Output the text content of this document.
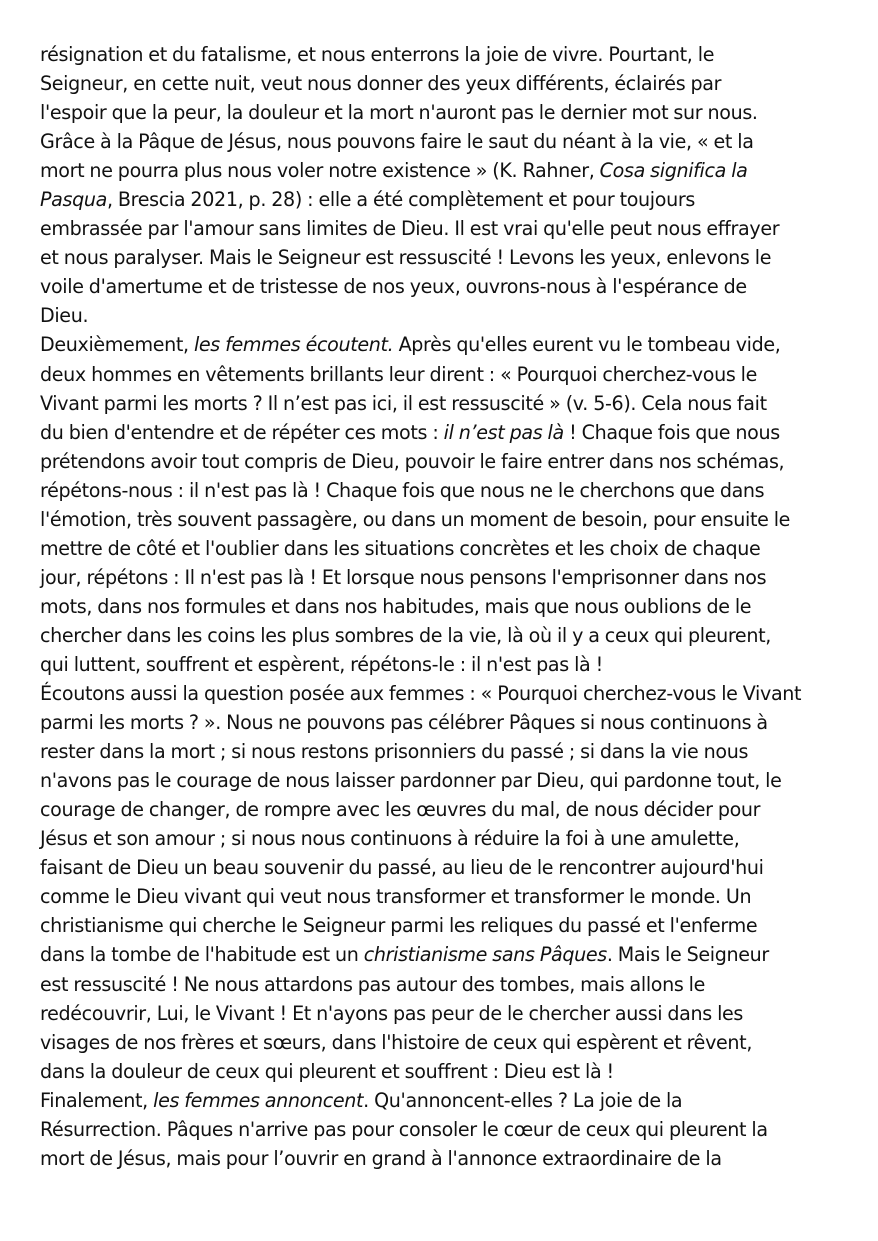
résignation et du fatalisme, et nous enterrons la joie de vivre. Pourtant, le
Seigneur, en cette nuit, veut nous donner des yeux différents, éclairés par
l'espoir que la peur, la douleur et la mort n'auront pas le dernier mot sur nous.
Grâce à la Pâque de Jésus, nous pouvons faire le saut du néant à la vie, « et la
mort ne pourra plus nous voler notre existence » (K. Rahner, Cosa significa la
Pasqua, Brescia 2021, p. 28) : elle a été complètement et pour toujours
embrassée par l'amour sans limites de Dieu. Il est vrai qu'elle peut nous effrayer
et nous paralyser. Mais le Seigneur est ressuscité ! Levons les yeux, enlevons le
voile d'amertume et de tristesse de nos yeux, ouvrons-nous à l'espérance de
Dieu.
Deuxièmement, les femmes écoutent. Après qu'elles eurent vu le tombeau vide,
deux hommes en vêtements brillants leur dirent : « Pourquoi cherchez-vous le
Vivant parmi les morts ? Il n’est pas ici, il est ressuscité » (v. 5-6). Cela nous fait
du bien d'entendre et de répéter ces mots : il n’est pas là ! Chaque fois que nous
prétendons avoir tout compris de Dieu, pouvoir le faire entrer dans nos schémas,
répétons-nous : il n'est pas là ! Chaque fois que nous ne le cherchons que dans
l'émotion, très souvent passagère, ou dans un moment de besoin, pour ensuite le
mettre de côté et l'oublier dans les situations concrètes et les choix de chaque
jour, répétons : Il n'est pas là ! Et lorsque nous pensons l'emprisonner dans nos
mots, dans nos formules et dans nos habitudes, mais que nous oublions de le
chercher dans les coins les plus sombres de la vie, là où il y a ceux qui pleurent,
qui luttent, souffrent et espèrent, répétons-le : il n'est pas là !
Écoutons aussi la question posée aux femmes : « Pourquoi cherchez-vous le Vivant
parmi les morts ? ». Nous ne pouvons pas célébrer Pâques si nous continuons à
rester dans la mort ; si nous restons prisonniers du passé ; si dans la vie nous
n'avons pas le courage de nous laisser pardonner par Dieu, qui pardonne tout, le
courage de changer, de rompre avec les œuvres du mal, de nous décider pour
Jésus et son amour ; si nous nous continuons à réduire la foi à une amulette,
faisant de Dieu un beau souvenir du passé, au lieu de le rencontrer aujourd'hui
comme le Dieu vivant qui veut nous transformer et transformer le monde. Un
christianisme qui cherche le Seigneur parmi les reliques du passé et l'enferme
dans la tombe de l'habitude est un christianisme sans Pâques. Mais le Seigneur
est ressuscité ! Ne nous attardons pas autour des tombes, mais allons le
redécouvrir, Lui, le Vivant ! Et n'ayons pas peur de le chercher aussi dans les
visages de nos frères et sœurs, dans l'histoire de ceux qui espèrent et rêvent,
dans la douleur de ceux qui pleurent et souffrent : Dieu est là !
Finalement, les femmes annoncent. Qu'annoncent-elles ? La joie de la
Résurrection. Pâques n'arrive pas pour consoler le cœur de ceux qui pleurent la
mort de Jésus, mais pour l’ouvrir en grand à l'annonce extraordinaire de la
